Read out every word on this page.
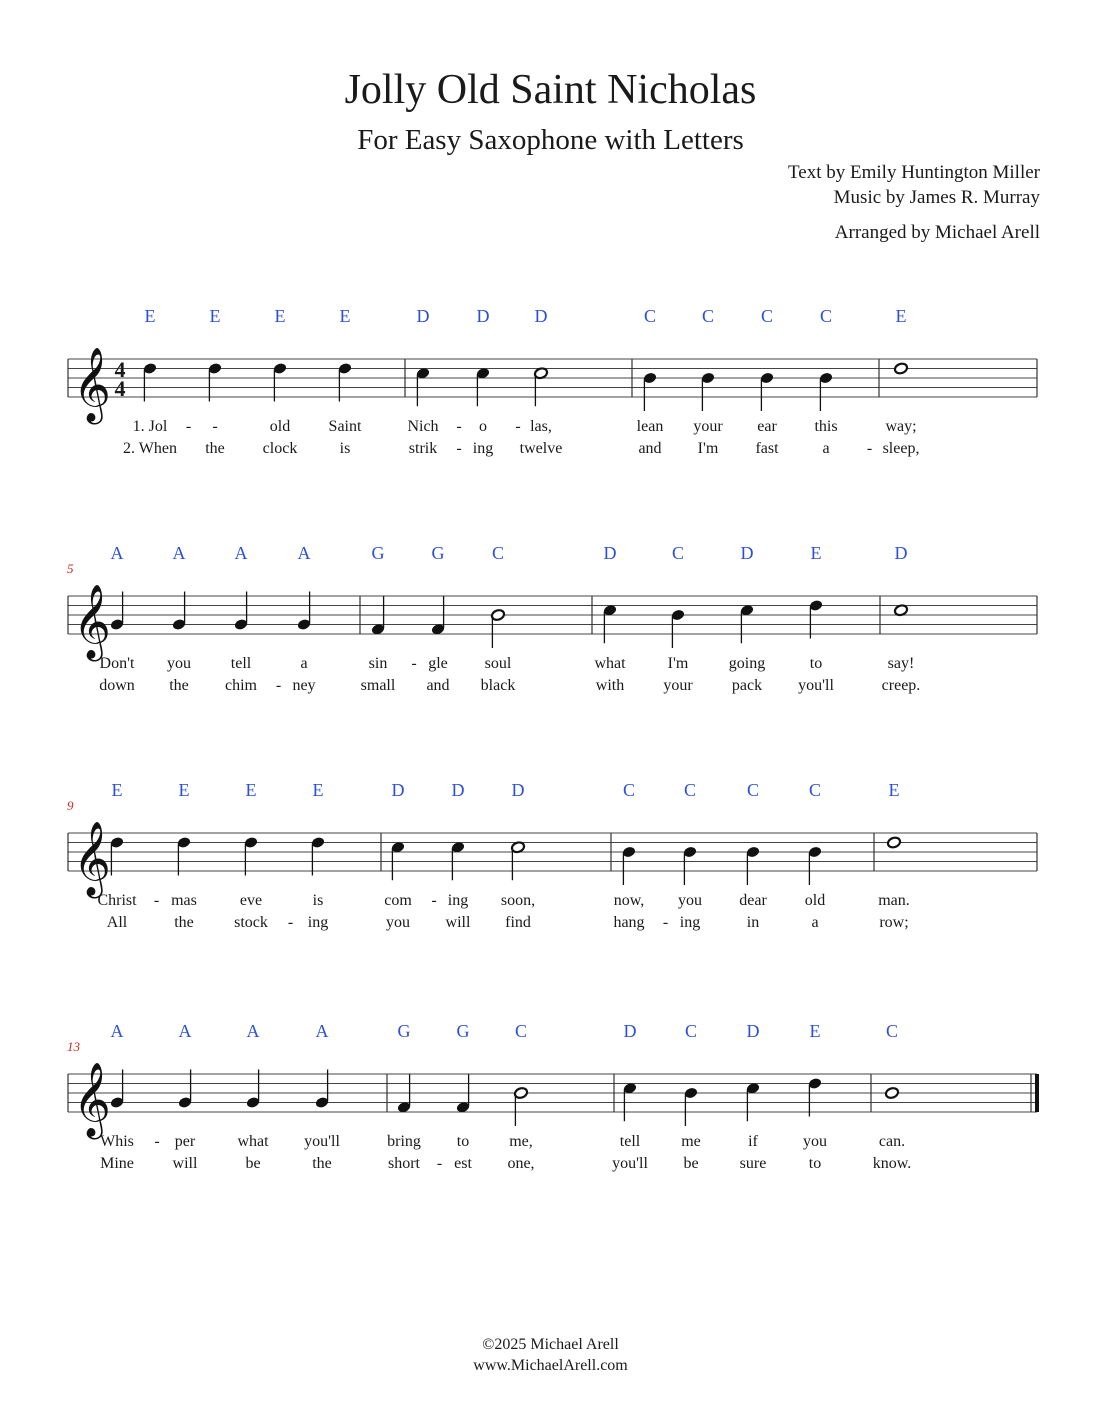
Jolly Old Saint Nicholas
For Easy Saxophone with Letters
Text by Emily Huntington Miller
Music by James R. Murray
Arranged by Michael Arell
𝄞 4
4
E
1. Jol
2. When
-
E
-
the
E
old
clock
E
Saint
is
D
Nich
strik
-
-
D
o
ing
-
D
las,
twelve
C
lean
and
C
your
I'm
C
ear
fast
C
this
a -
E
way;
sleep,
𝄞
5
A
Don't
down
A
you
the
A
tell
chim -
A
a
ney
G
sin
small
-
G
gle
and
C
soul
black
D
what
with
C
I'm
your
D
going
pack
E
to
you'll
D
say!
creep.
𝄞
9
E
Christ
All
-
E
mas
the
E
eve
stock -
E
is
ing
D
com
you
-
D
ing
will
D
soon,
find
C
now,
hang -
C
you
ing
C
dear
in
C
old
a
E
man.
row;
𝄞
13
A
Whis
Mine
-
A
per
will
A
what
be
A
you'll
the
G
bring
short -
G
to
est
C
me,
one,
D
tell
you'll
C
me
be
D
if
sure
E
you
to
C
can.
know.
©2025 Michael Arell
www.MichaelArell.com
